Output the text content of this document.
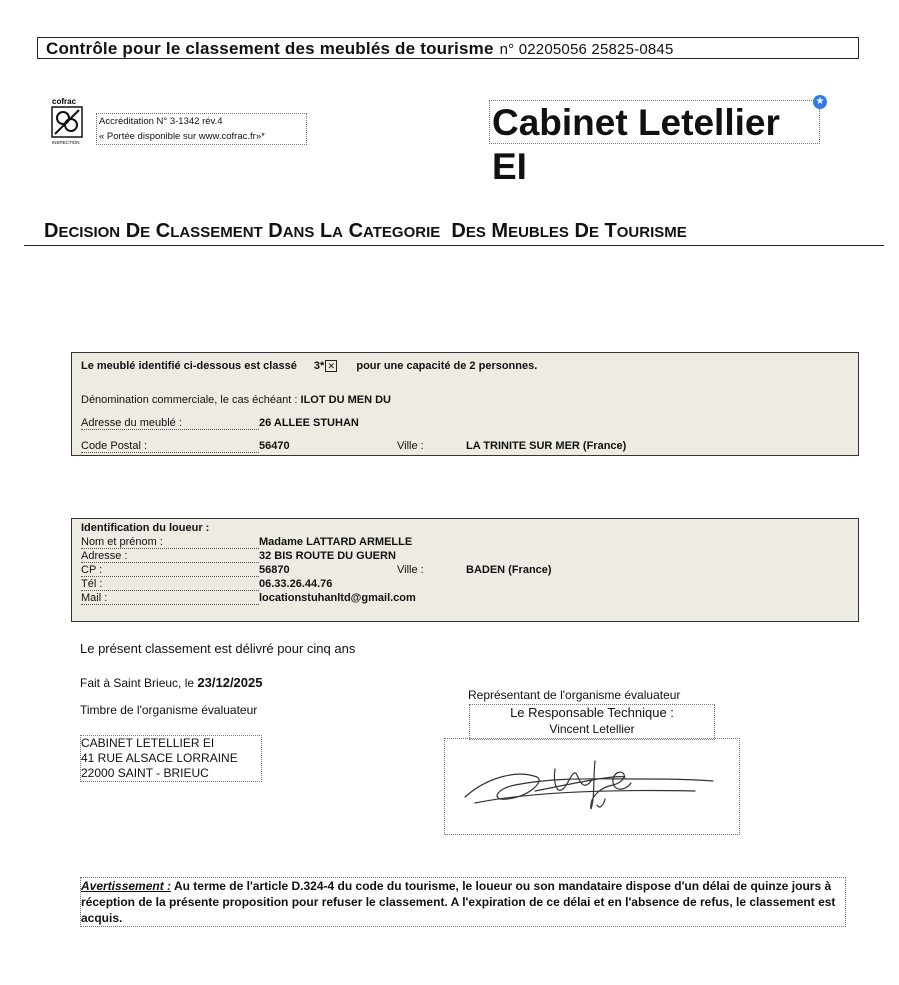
Contrôle pour le classement des meublés de tourisme n° 02205056 25825-0845
cofrac
INSPECTION
Accréditation N° 3-1342 rév.4
« Portée disponible sur www.cofrac.fr»*	Cabinet Letellier EI
★
DECISION DE CLASSEMENT DANS LA CATEGORIE DES MEUBLES DE TOURISME
Le meublé identifié ci-dessous est classé 3* ✕ pour une capacité de 2 personnes.
Dénomination commerciale, le cas échéant : ILOT DU MEN DU
Adresse du meublé :	26 ALLEE STUHAN
Code Postal :	56470	Ville :	LA TRINITE SUR MER (France)
Identification du loueur :
Nom et prénom :	Madame LATTARD ARMELLE
Adresse :	32 BIS ROUTE DU GUERN
CP :	56870	Ville :	BADEN (France)
Tél :	06.33.26.44.76
Mail :	locationstuhanltd@gmail.com
Le présent classement est délivré pour cinq ans
Fait à Saint Brieuc, le 23/12/2025
Timbre de l'organisme évaluateur
CABINET LETELLIER EI
41 RUE ALSACE LORRAINE
22000 SAINT - BRIEUC
Représentant de l'organisme évaluateur
Le Responsable Technique :
Vincent Letellier
Avertissement : Au terme de l'article D.324-4 du code du tourisme, le loueur ou son mandataire dispose d'un délai de quinze jours à réception de la présente proposition pour refuser le classement. A l'expiration de ce délai et en l'absence de refus, le classement est acquis.
